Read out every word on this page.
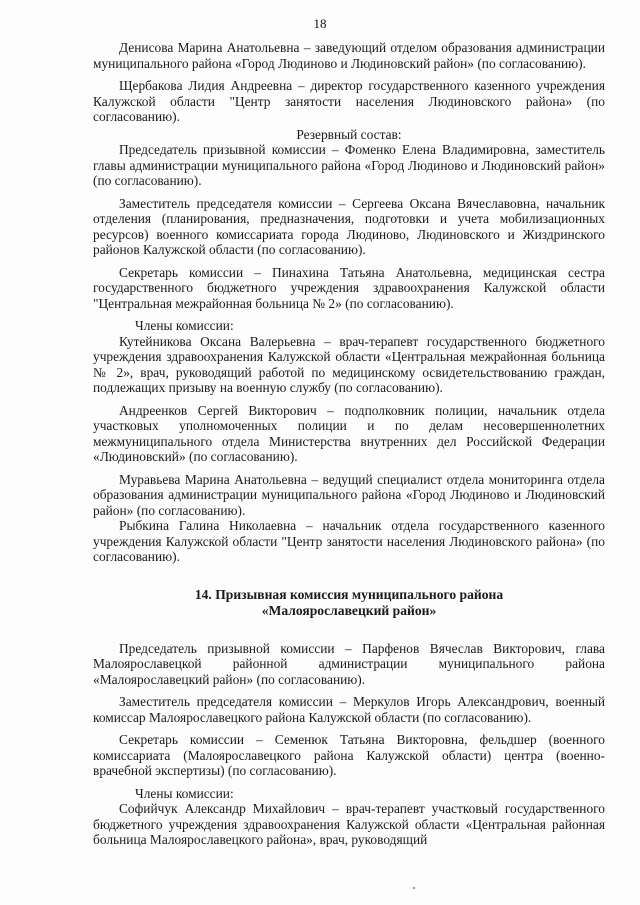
18

Денисова Марина Анатольевна – заведующий отделом образования администрации муниципального района «Город Людиново и Людиновский район» (по согласованию).

Щербакова Лидия Андреевна – директор государственного казенного учреждения Калужской области "Центр занятости населения Людиновского района» (по согласованию).

Резервный состав:

Председатель призывной комиссии – Фоменко Елена Владимировна, заместитель главы администрации муниципального района «Город Людиново и Людиновский район» (по согласованию).

Заместитель председателя комиссии – Сергеева Оксана Вячеславовна, начальник отделения (планирования, предназначения, подготовки и учета мобилизационных ресурсов) военного комиссариата города Людиново, Людиновского и Жиздринского районов Калужской области (по согласованию).

Секретарь комиссии – Пинахина Татьяна Анатольевна, медицинская сестра государственного бюджетного учреждения здравоохранения Калужской области "Центральная межрайонная больница № 2» (по согласованию).

Члены комиссии:

Кутейникова Оксана Валерьевна – врач-терапевт государственного бюджетного учреждения здравоохранения Калужской области «Центральная межрайонная больница № 2», врач, руководящий работой по медицинскому освидетельствованию граждан, подлежащих призыву на военную службу (по согласованию).

Андреенков Сергей Викторович – подполковник полиции, начальник отдела участковых уполномоченных полиции и по делам несовершеннолетних межмуниципального отдела Министерства внутренних дел Российской Федерации «Людиновский» (по согласованию).

Муравьева Марина Анатольевна – ведущий специалист отдела мониторинга отдела образования администрации муниципального района «Город Людиново и Людиновский район» (по согласованию).

Рыбкина Галина Николаевна – начальник отдела государственного казенного учреждения Калужской области "Центр занятости населения Людиновского района» (по согласованию).

14. Призывная комиссия муниципального района

«Малоярославецкий район»

Председатель призывной комиссии – Парфенов Вячеслав Викторович, глава Малоярославецкой районной администрации муниципального района «Малоярославецкий район» (по согласованию).

Заместитель председателя комиссии – Меркулов Игорь Александрович, военный комиссар Малоярославецкого района Калужской области (по согласованию).

Секретарь комиссии – Семенюк Татьяна Викторовна, фельдшер (военного комиссариата (Малоярославецкого района Калужской области) центра (военно-врачебной экспертизы) (по согласованию).

Члены комиссии:

Софийчук Александр Михайлович – врач-терапевт участковый государственного бюджетного учреждения здравоохранения Калужской области «Центральная районная больница Малоярославецкого района», врач, руководящий
